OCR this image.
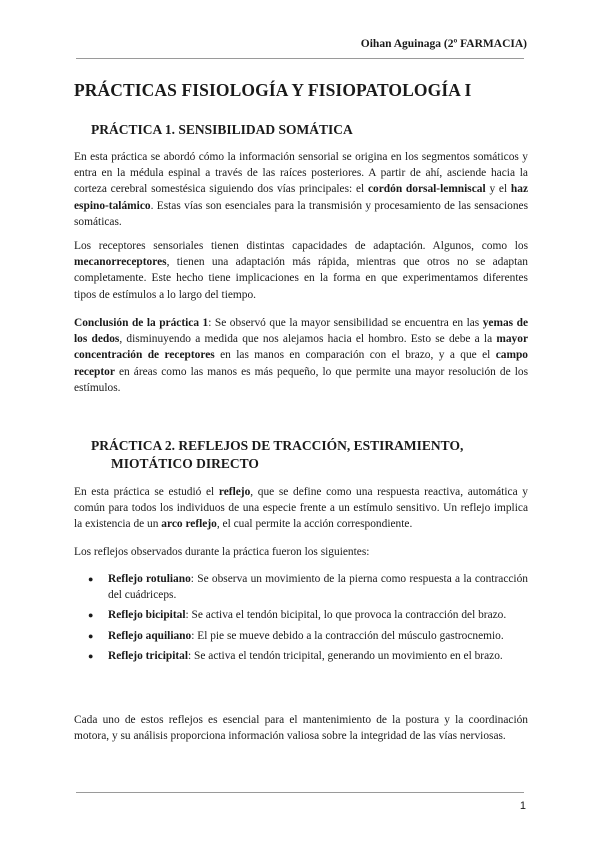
Oihan Aguinaga (2º FARMACIA)
PRÁCTICAS FISIOLOGÍA Y FISIOPATOLOGÍA I
PRÁCTICA 1. SENSIBILIDAD SOMÁTICA
En esta práctica se abordó cómo la información sensorial se origina en los segmentos somáticos y entra en la médula espinal a través de las raíces posteriores. A partir de ahí, asciende hacia la corteza cerebral somestésica siguiendo dos vías principales: el cordón dorsal-lemniscal y el haz espino-talámico. Estas vías son esenciales para la transmisión y procesamiento de las sensaciones somáticas.
Los receptores sensoriales tienen distintas capacidades de adaptación. Algunos, como los mecanorreceptores, tienen una adaptación más rápida, mientras que otros no se adaptan completamente. Este hecho tiene implicaciones en la forma en que experimentamos diferentes tipos de estímulos a lo largo del tiempo.
Conclusión de la práctica 1: Se observó que la mayor sensibilidad se encuentra en las yemas de los dedos, disminuyendo a medida que nos alejamos hacia el hombro. Esto se debe a la mayor concentración de receptores en las manos en comparación con el brazo, y a que el campo receptor en áreas como las manos es más pequeño, lo que permite una mayor resolución de los estímulos.
PRÁCTICA 2. REFLEJOS DE TRACCIÓN, ESTIRAMIENTO,
MIOTÁTICO DIRECTO
En esta práctica se estudió el reflejo, que se define como una respuesta reactiva, automática y común para todos los individuos de una especie frente a un estímulo sensitivo. Un reflejo implica la existencia de un arco reflejo, el cual permite la acción correspondiente.
Los reflejos observados durante la práctica fueron los siguientes:
● Reflejo rotuliano: Se observa un movimiento de la pierna como respuesta a la contracción del cuádriceps.
● Reflejo bicipital: Se activa el tendón bicipital, lo que provoca la contracción del brazo.
● Reflejo aquiliano: El pie se mueve debido a la contracción del músculo gastrocnemio.
● Reflejo tricipital: Se activa el tendón tricipital, generando un movimiento en el brazo.
Cada uno de estos reflejos es esencial para el mantenimiento de la postura y la coordinación motora, y su análisis proporciona información valiosa sobre la integridad de las vías nerviosas.
1
